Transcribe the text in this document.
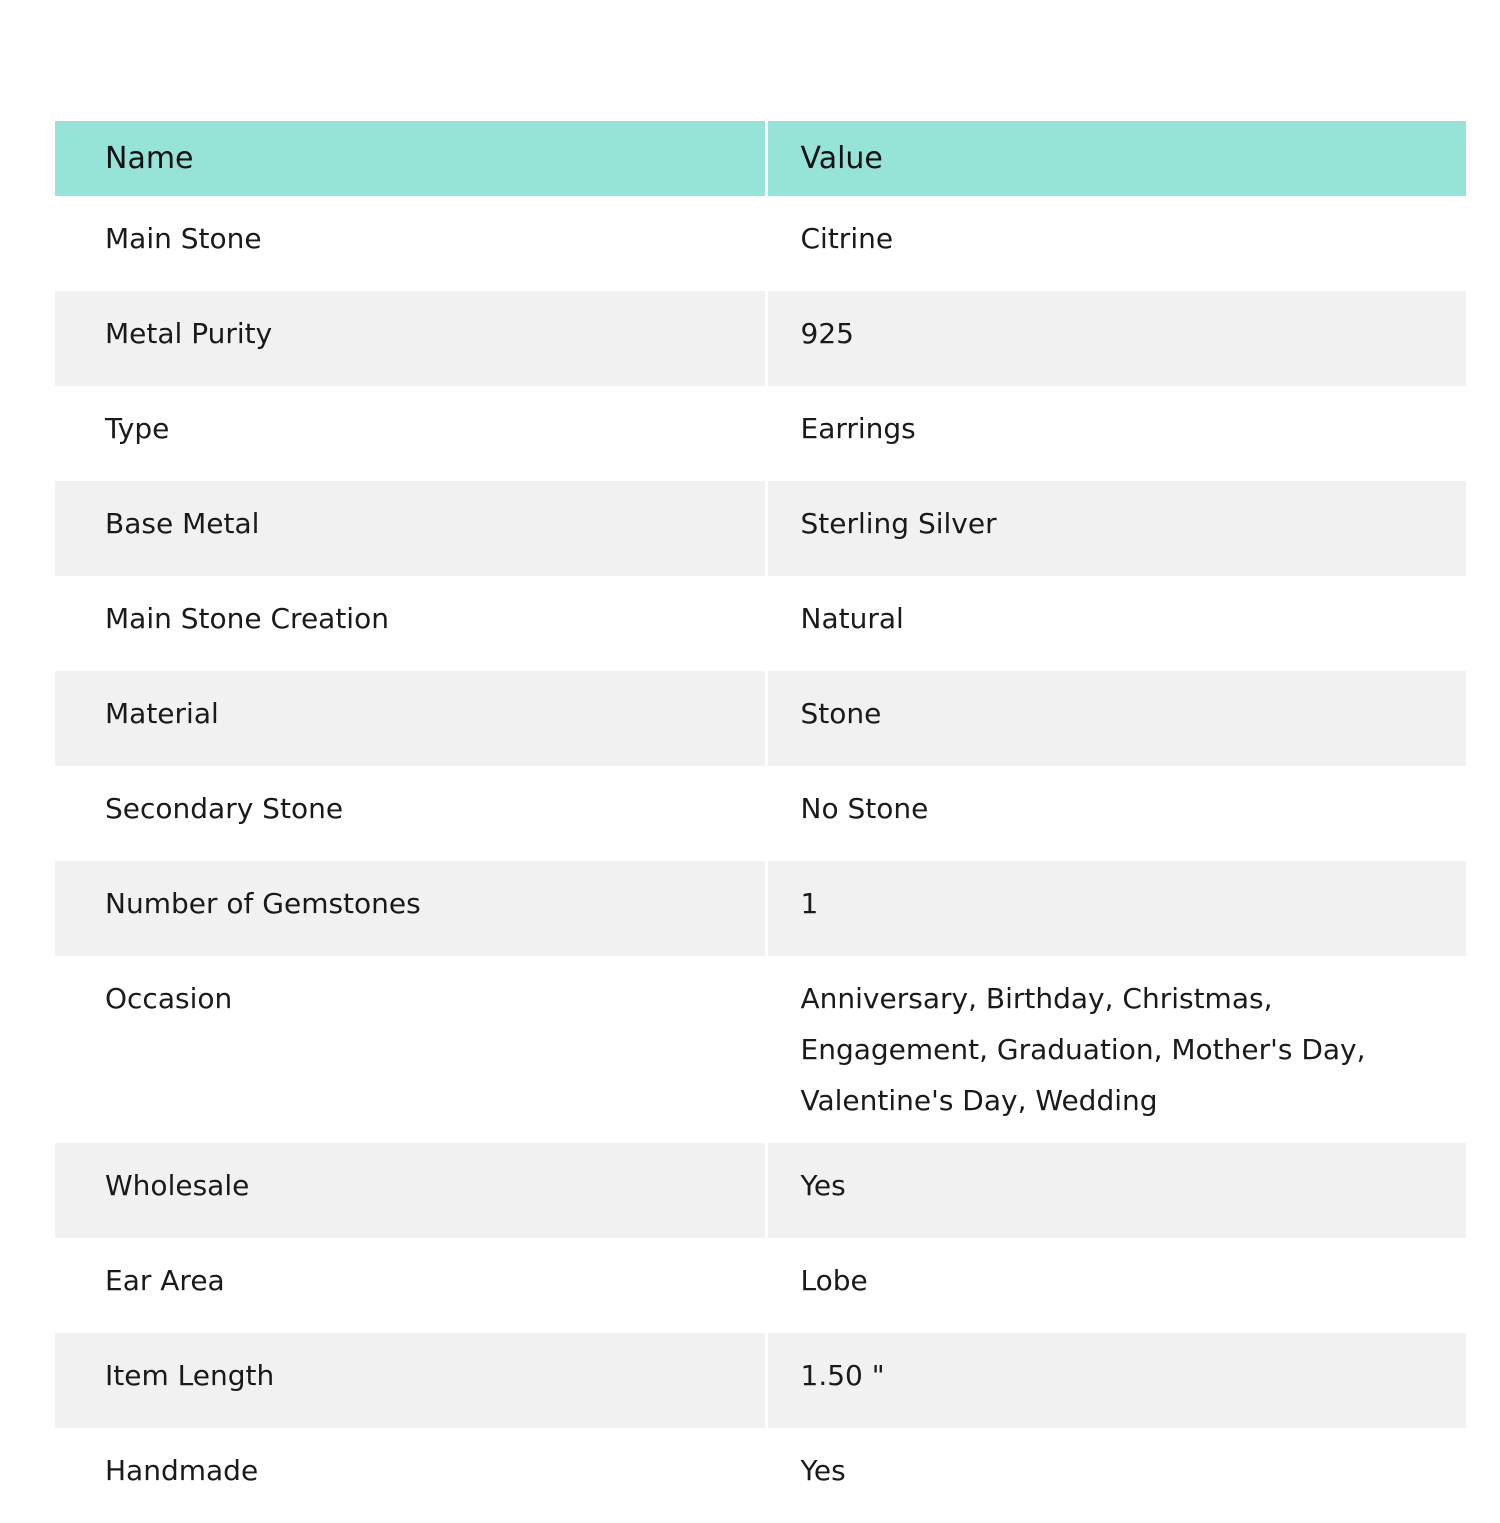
Name	Value
Main Stone	Citrine
Metal Purity	925
Type	Earrings
Base Metal	Sterling Silver
Main Stone Creation	Natural
Material	Stone
Secondary Stone	No Stone
Number of Gemstones	1
Occasion	Anniversary, Birthday, Christmas, Engagement, Graduation, Mother's Day, Valentine's Day, Wedding
Wholesale	Yes
Ear Area	Lobe
Item Length	1.50 "
Handmade	Yes
